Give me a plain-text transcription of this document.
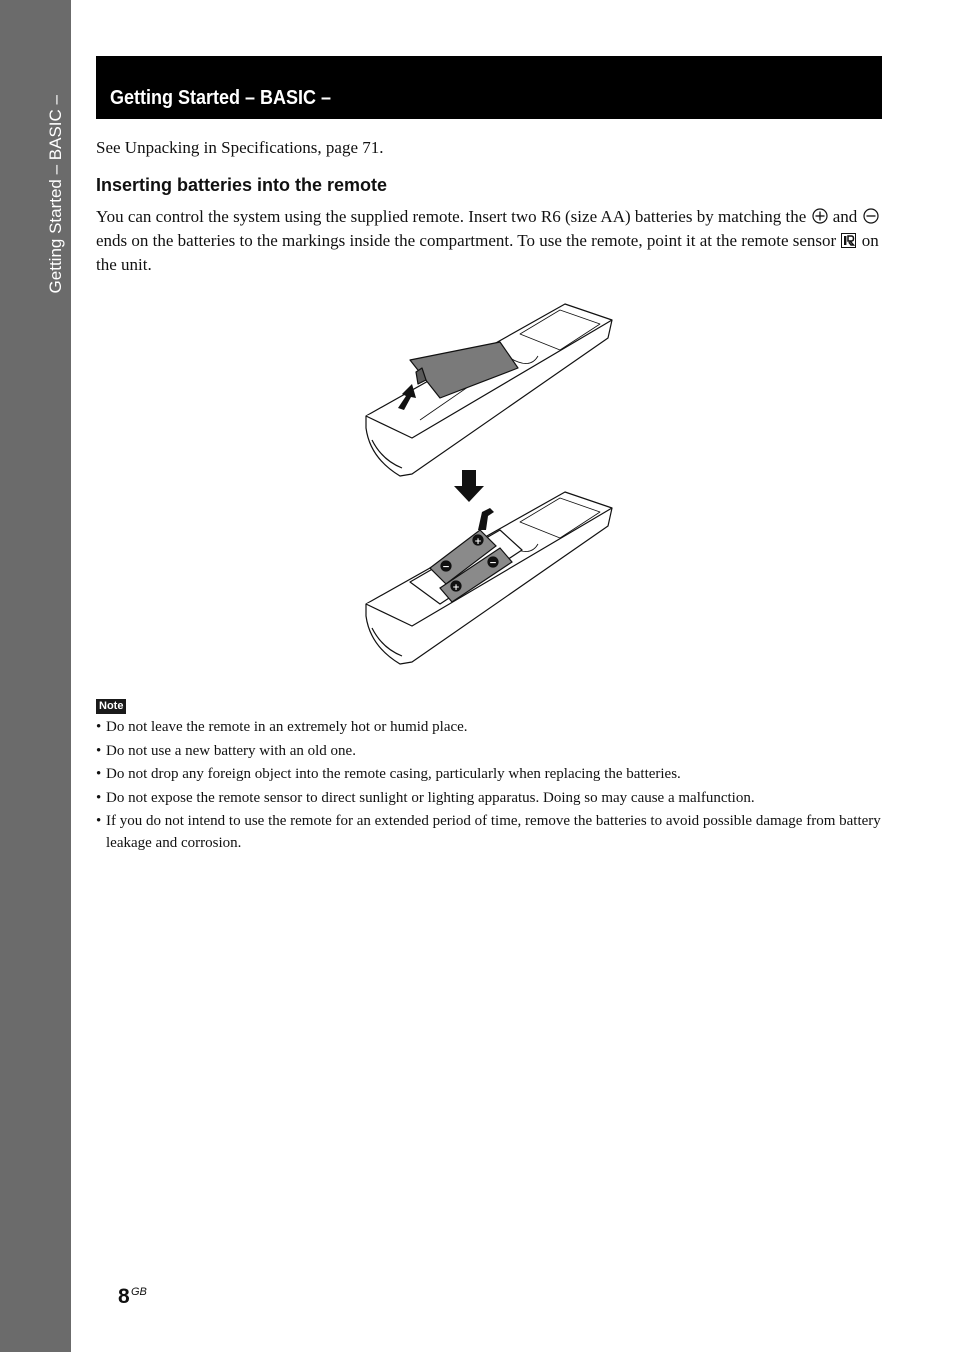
Getting Started – BASIC – Getting Started – BASIC –
See Unpacking in Specifications, page 71.
Inserting batteries into the remote
You can control the system using the supplied remote. Insert two R6 (size AA) batteries by matching the and  ends on the batteries to the markings inside the compartment. To use the remote, point it at the remote sensor on the unit.
+
−	−
+
Note
• Do not leave the remote in an extremely hot or humid place.
• Do not use a new battery with an old one.
• Do not drop any foreign object into the remote casing, particularly when replacing the batteries.
• Do not expose the remote sensor to direct sunlight or lighting apparatus. Doing so may cause a malfunction.
• If you do not intend to use the remote for an extended period of time, remove the batteries to avoid possible damage from battery leakage and corrosion.
8 GB
